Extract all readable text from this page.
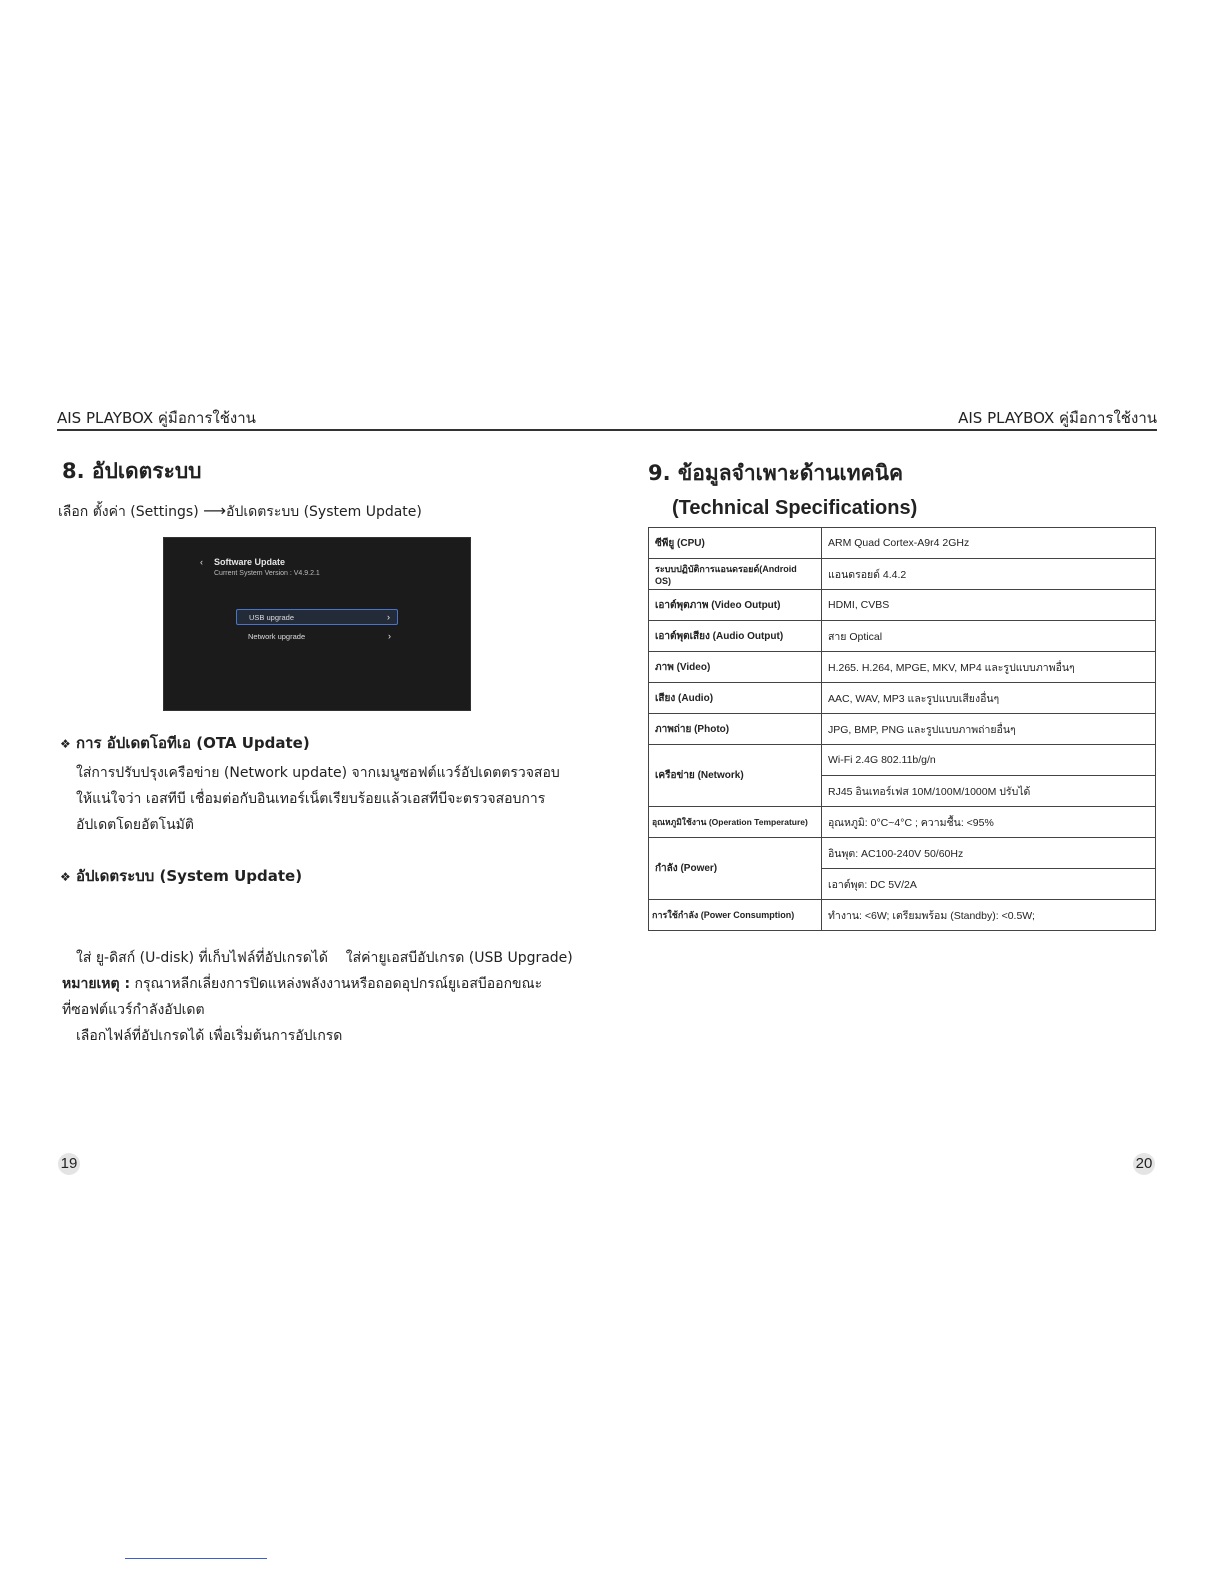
AIS PLAYBOX คู่มือการใช้งาน	AIS PLAYBOX คู่มือการใช้งาน
8. อัปเดตระบบ
เลือก ตั้งค่า (Settings) ⟶อัปเดตระบบ (System Update)
‹ Software Update
Current System Version : V4.9.2.1
USB upgrade	›
Network upgrade	›
❖ การ อัปเดตโอทีเอ (OTA Update)
ใส่การปรับปรุงเครือข่าย (Network update) จากเมนูซอฟต์แวร์อัปเดตตรวจสอบ
ให้แน่ใจว่า เอสทีบี เชื่อมต่อกับอินเทอร์เน็ตเรียบร้อยแล้วเอสทีบีจะตรวจสอบการ
อัปเดตโดยอัตโนมัติ
❖ อัปเดตระบบ (System Update)

ใส่ ยู-ดิสก์ (U-disk) ที่เก็บไฟล์ที่อัปเกรดได้    ใส่ค่ายูเอสบีอัปเกรด (USB Upgrade)

เลือกไฟล์ที่อัปเกรดได้ เพื่อเริ่มต้นการอัปเกรด

หมายเหตุ : กรุณาหลีกเลี่ยงการปิดแหล่งพลังงานหรือถอดอุปกรณ์ยูเอสบีออกขณะ
ที่ซอฟต์แวร์กำลังอัปเดต
9. ข้อมูลจำเพาะด้านเทคนิค
(Technical Specifications)
ซีพียู (CPU)	ARM Quad Cortex-A9r4 2GHz
ระบบปฏิบัติการแอนดรอยด์(Android OS)	แอนดรอยด์ 4.4.2
เอาต์พุตภาพ (Video Output)	HDMI, CVBS
เอาต์พุตเสียง (Audio Output)	สาย Optical
ภาพ (Video)	H.265. H.264, MPGE, MKV, MP4 และรูปแบบภาพอื่นๆ
เสียง (Audio)	AAC, WAV, MP3 และรูปแบบเสียงอื่นๆ
ภาพถ่าย (Photo)	JPG, BMP, PNG และรูปแบบภาพถ่ายอื่นๆ
เครือข่าย (Network)	Wi-Fi 2.4G 802.11b/g/n
	RJ45 อินเทอร์เฟส 10M/100M/1000M ปรับได้
อุณหภูมิใช้งาน (Operation Temperature)	อุณหภูมิ: 0°C~4°C ; ความชื้น: <95%
กำลัง (Power)	อินพุต: AC100-240V 50/60Hz
	เอาต์พุต: DC 5V/2A
การใช้กำลัง (Power Consumption)	ทำงาน: <6W; เตรียมพร้อม (Standby): <0.5W;
19	20
